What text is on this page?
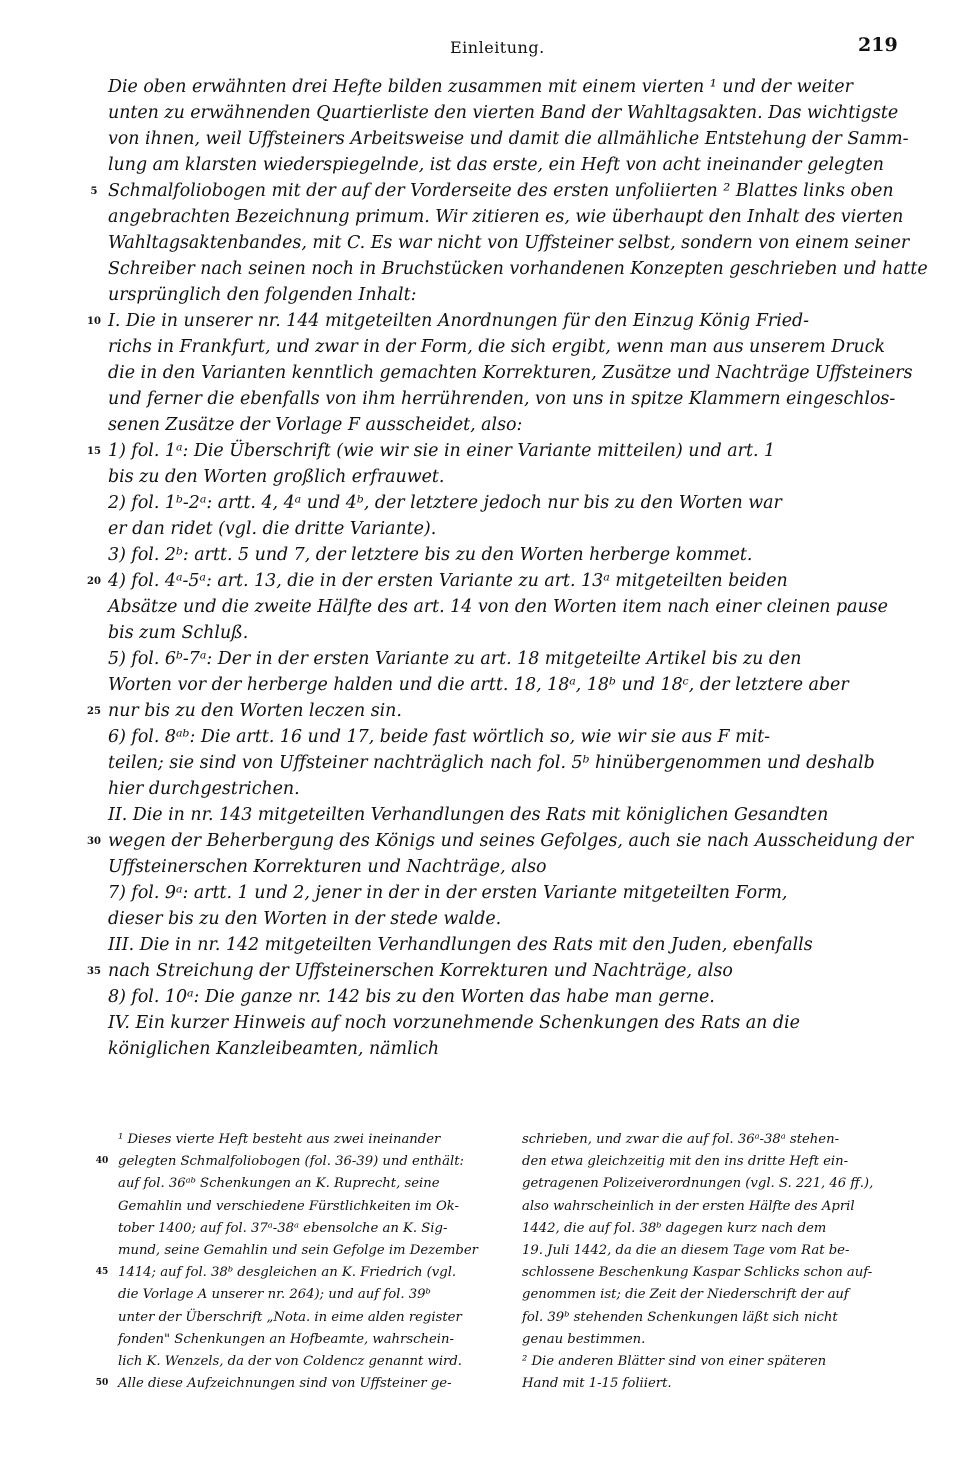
Einleitung.	219
Die oben erwähnten drei Hefte bilden zusammen mit einem vierten ¹ und der weiter
unten zu erwähnenden Quartierliste den vierten Band der Wahltagsakten. Das wichtigste
von ihnen, weil Uffsteiners Arbeitsweise und damit die allmähliche Entstehung der Samm-
lung am klarsten wiederspiegelnde, ist das erste, ein Heft von acht ineinander gelegten
5 Schmalfoliobogen mit der auf der Vorderseite des ersten unfoliierten ² Blattes links oben
angebrachten Bezeichnung primum. Wir zitieren es, wie überhaupt den Inhalt des vierten
Wahltagsaktenbandes, mit C. Es war nicht von Uffsteiner selbst, sondern von einem seiner
Schreiber nach seinen noch in Bruchstücken vorhandenen Konzepten geschrieben und hatte
ursprünglich den folgenden Inhalt:
10 I. Die in unserer nr. 144 mitgeteilten Anordnungen für den Einzug König Fried-
richs in Frankfurt, und zwar in der Form, die sich ergibt, wenn man aus unserem Druck
die in den Varianten kenntlich gemachten Korrekturen, Zusätze und Nachträge Uffsteiners
und ferner die ebenfalls von ihm herrührenden, von uns in spitze Klammern eingeschlos-
senen Zusätze der Vorlage F ausscheidet, also:
15 1) fol. 1ᵃ: Die Überschrift (wie wir sie in einer Variante mitteilen) und art. 1
bis zu den Worten großlich erfrauwet.
2) fol. 1ᵇ-2ᵃ: artt. 4, 4ᵃ und 4ᵇ, der letztere jedoch nur bis zu den Worten war
er dan ridet (vgl. die dritte Variante).
3) fol. 2ᵇ: artt. 5 und 7, der letztere bis zu den Worten herberge kommet.
20 4) fol. 4ᵃ-5ᵃ: art. 13, die in der ersten Variante zu art. 13ᵃ mitgeteilten beiden
Absätze und die zweite Hälfte des art. 14 von den Worten item nach einer cleinen pause
bis zum Schluß.
5) fol. 6ᵇ-7ᵃ: Der in der ersten Variante zu art. 18 mitgeteilte Artikel bis zu den
Worten vor der herberge halden und die artt. 18, 18ᵃ, 18ᵇ und 18ᶜ, der letztere aber
25 nur bis zu den Worten leczen sin.
6) fol. 8ᵃᵇ: Die artt. 16 und 17, beide fast wörtlich so, wie wir sie aus F mit-
teilen; sie sind von Uffsteiner nachträglich nach fol. 5ᵇ hinübergenommen und deshalb
hier durchgestrichen.
II. Die in nr. 143 mitgeteilten Verhandlungen des Rats mit königlichen Gesandten
30 wegen der Beherbergung des Königs und seines Gefolges, auch sie nach Ausscheidung der
Uffsteinerschen Korrekturen und Nachträge, also
7) fol. 9ᵃ: artt. 1 und 2, jener in der in der ersten Variante mitgeteilten Form,
dieser bis zu den Worten in der stede walde.
III. Die in nr. 142 mitgeteilten Verhandlungen des Rats mit den Juden, ebenfalls
35 nach Streichung der Uffsteinerschen Korrekturen und Nachträge, also
8) fol. 10ᵃ: Die ganze nr. 142 bis zu den Worten das habe man gerne.
IV. Ein kurzer Hinweis auf noch vorzunehmende Schenkungen des Rats an die
königlichen Kanzleibeamten, nämlich
¹ Dieses vierte Heft besteht aus zwei ineinander
40 gelegten Schmalfoliobogen (fol. 36-39) und enthält:
auf fol. 36ᵃᵇ Schenkungen an K. Ruprecht, seine
Gemahlin und verschiedene Fürstlichkeiten im Ok-
tober 1400; auf fol. 37ᵃ-38ᵃ ebensolche an K. Sig-
mund, seine Gemahlin und sein Gefolge im Dezember
45 1414; auf fol. 38ᵇ desgleichen an K. Friedrich (vgl.
die Vorlage A unserer nr. 264); und auf fol. 39ᵇ
unter der Überschrift „Nota. in eime alden register
fonden" Schenkungen an Hofbeamte, wahrschein-
lich K. Wenzels, da der von Coldencz genannt wird.
50 Alle diese Aufzeichnungen sind von Uffsteiner ge-
schrieben, und zwar die auf fol. 36ᵃ-38ᵃ stehen-
den etwa gleichzeitig mit den ins dritte Heft ein-
getragenen Polizeiverordnungen (vgl. S. 221, 46 ff.),
also wahrscheinlich in der ersten Hälfte des April
1442, die auf fol. 38ᵇ dagegen kurz nach dem
19. Juli 1442, da die an diesem Tage vom Rat be-
schlossene Beschenkung Kaspar Schlicks schon auf-
genommen ist; die Zeit der Niederschrift der auf
fol. 39ᵇ stehenden Schenkungen läßt sich nicht
genau bestimmen.
² Die anderen Blätter sind von einer späteren
Hand mit 1-15 foliiert.
